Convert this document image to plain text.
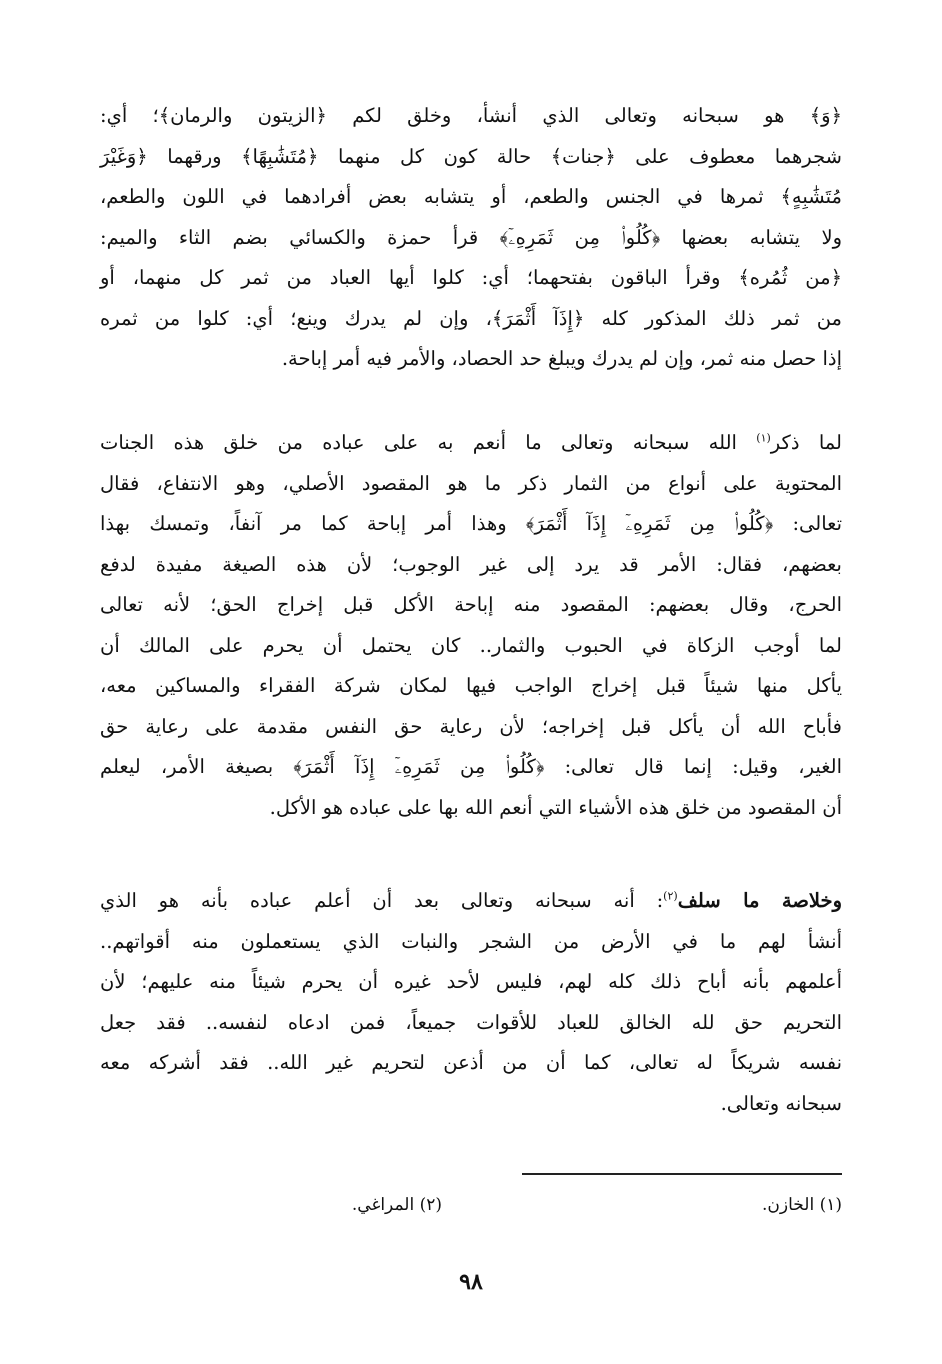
﴿وَ﴾ هو سبحانه وتعالى الذي أنشأ، وخلق لكم ﴿الزيتون والرمان﴾؛ أي:
شجرهما معطوف على ﴿جنات﴾ حالة كون كل منهما ﴿مُتَشَٰبِهًا﴾ ورقهما ﴿وَغَيْرَ
مُتَشَٰبِهٍ﴾ ثمرها في الجنس والطعم، أو يتشابه بعض أفرادهما في اللون والطعم،
ولا يتشابه بعضها ﴿كُلُوا۟ مِن ثَمَرِهِۦٓ﴾ قرأ حمزة والكسائي بضم الثاء والميم:
﴿من ثُمُره﴾ وقرأ الباقون بفتحهما؛ أي: كلوا أيها العباد من ثمر كل منهما، أو
من ثمر ذلك المذكور كله ﴿إِذَآ أَثْمَرَ﴾، وإن لم يدرك وينع؛ أي: كلوا من ثمره
إذا حصل منه ثمر، وإن لم يدرك ويبلغ حد الحصاد، والأمر فيه أمر إباحة.
لما ذكر$^{(١)}$ الله سبحانه وتعالى ما أنعم به على عباده من خلق هذه الجنات
المحتوية على أنواع من الثمار ذكر ما هو المقصود الأصلي، وهو الانتفاع، فقال
تعالى: ﴿كُلُوا۟ مِن ثَمَرِهِۦٓ إِذَآ أَثْمَرَ﴾ وهذا أمر إباحة كما مر آنفاً، وتمسك بهذا
بعضهم، فقال: الأمر قد يرد إلى غير الوجوب؛ لأن هذه الصيغة مفيدة لدفع
الحرج، وقال بعضهم: المقصود منه إباحة الأكل قبل إخراج الحق؛ لأنه تعالى
لما أوجب الزكاة في الحبوب والثمار.. كان يحتمل أن يحرم على المالك أن
يأكل منها شيئاً قبل إخراج الواجب فيها لمكان شركة الفقراء والمساكين معه،
فأباح الله أن يأكل قبل إخراجه؛ لأن رعاية حق النفس مقدمة على رعاية حق
الغير، وقيل: إنما قال تعالى: ﴿كُلُوا۟ مِن ثَمَرِهِۦٓ إِذَآ أَثْمَرَ﴾ بصيغة الأمر، ليعلم
أن المقصود من خلق هذه الأشياء التي أنعم الله بها على عباده هو الأكل.
وخلاصة ما سلف$^{(٢)}$: أنه سبحانه وتعالى بعد أن أعلم عباده بأنه هو الذي
أنشأ لهم ما في الأرض من الشجر والنبات الذي يستعملون منه أقواتهم..
أعلمهم بأنه أباح ذلك كله لهم، فليس لأحد غيره أن يحرم شيئاً منه عليهم؛ لأن
التحريم حق لله الخالق للعباد للأقوات جميعاً، فمن ادعاه لنفسه.. فقد جعل
نفسه شريكاً له تعالى، كما أن من أذعن لتحريم غير الله.. فقد أشركه معه
سبحانه وتعالى.
(١) الخازن.
(٢) المراغي.
٩٨
